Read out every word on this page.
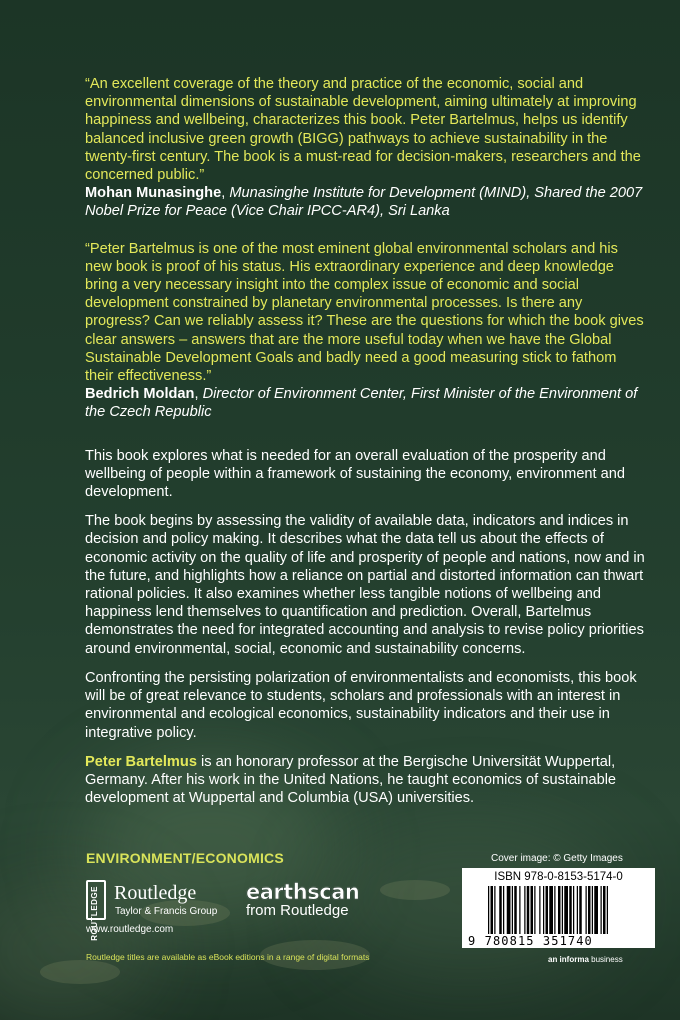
“An excellent coverage of the theory and practice of the economic, social and environmental dimensions of sustainable development, aiming ultimately at improving happiness and wellbeing, characterizes this book. Peter Bartelmus, helps us identify balanced inclusive green growth (BIGG) pathways to achieve sustainability in the twenty-first century. The book is a must-read for decision-makers, researchers and the concerned public.”
Mohan Munasinghe, Munasinghe Institute for Development (MIND), Shared the 2007 Nobel Prize for Peace (Vice Chair IPCC-AR4), Sri Lanka
“Peter Bartelmus is one of the most eminent global environmental scholars and his new book is proof of his status. His extraordinary experience and deep knowledge bring a very necessary insight into the complex issue of economic and social development constrained by planetary environmental processes. Is there any progress? Can we reliably assess it? These are the questions for which the book gives clear answers – answers that are the more useful today when we have the Global Sustainable Development Goals and badly need a good measuring stick to fathom their effectiveness.”
Bedrich Moldan, Director of Environment Center, First Minister of the Environment of the Czech Republic

This book explores what is needed for an overall evaluation of the prosperity and wellbeing of people within a framework of sustaining the economy, environment and development.

The book begins by assessing the validity of available data, indicators and indices in decision and policy making. It describes what the data tell us about the effects of economic activity on the quality of life and prosperity of people and nations, now and in the future, and highlights how a reliance on partial and distorted information can thwart rational policies. It also examines whether less tangible notions of wellbeing and happiness lend themselves to quantification and prediction. Overall, Bartelmus demonstrates the need for integrated accounting and analysis to revise policy priorities around environmental, social, economic and sustainability concerns.

Confronting the persisting polarization of environmentalists and economists, this book will be of great relevance to students, scholars and professionals with an interest in environmental and ecological economics, sustainability indicators and their use in integrative policy.

Peter Bartelmus is an honorary professor at the Bergische Universität Wuppertal, Germany. After his work in the United Nations, he taught economics of sustainable development at Wuppertal and Columbia (USA) universities.

ENVIRONMENT/ECONOMICS
ROUTLEDGE Routledge
Taylor & Francis Group
earthscan
from Routledge
www.routledge.com
Routledge titles are available as eBook editions in a range of digital formats
Cover image: © Getty Images
ISBN 978-0-8153-5174-0
9 780815 351740
an informa business
